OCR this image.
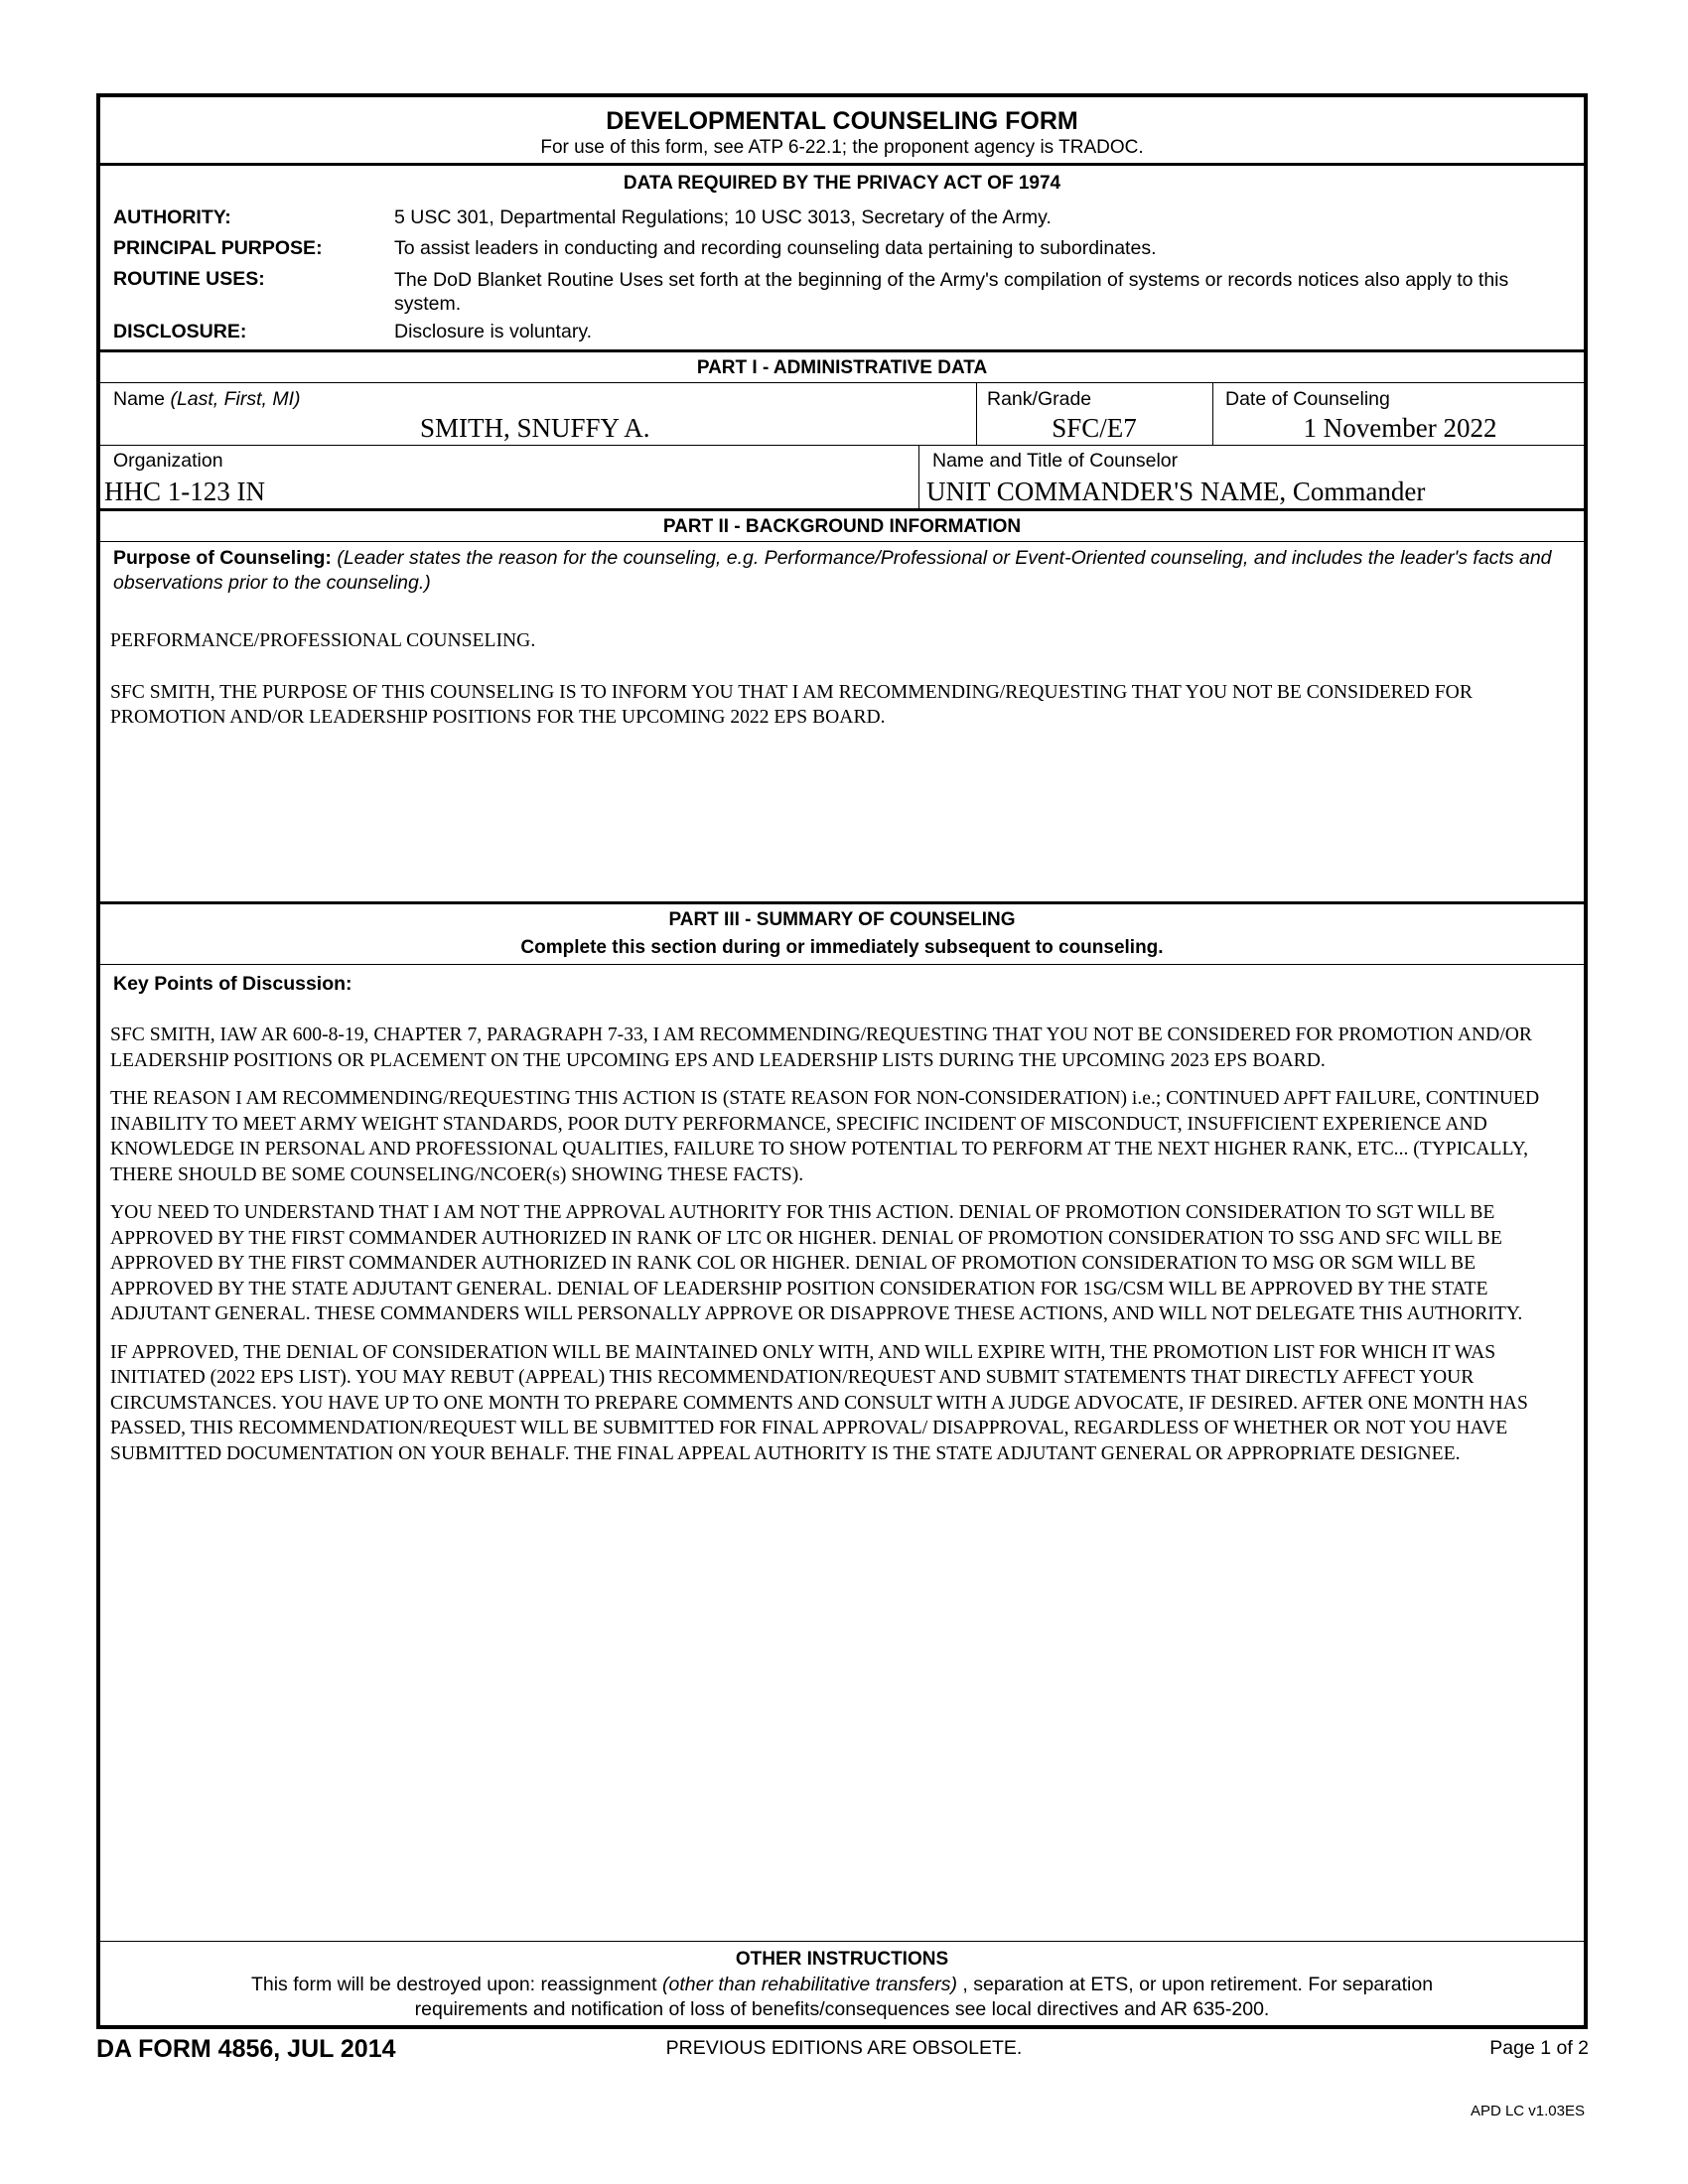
DEVELOPMENTAL COUNSELING FORM
For use of this form, see ATP 6-22.1; the proponent agency is TRADOC.
DATA REQUIRED BY THE PRIVACY ACT OF 1974
AUTHORITY:	5 USC 301, Departmental Regulations; 10 USC 3013, Secretary of the Army.
PRINCIPAL PURPOSE:	To assist leaders in conducting and recording counseling data pertaining to subordinates.
ROUTINE USES:	The DoD Blanket Routine Uses set forth at the beginning of the Army's compilation of systems or records notices also apply to this system.
DISCLOSURE:	Disclosure is voluntary.
PART I - ADMINISTRATIVE DATA
Name (Last, First, MI)
SMITH, SNUFFY A.
Rank/Grade
SFC/E7
Date of Counseling
1 November 2022
Organization
HHC 1-123 IN
Name and Title of Counselor
UNIT COMMANDER'S NAME, Commander
PART II - BACKGROUND INFORMATION
Purpose of Counseling: (Leader states the reason for the counseling, e.g. Performance/Professional or Event-Oriented counseling, and includes the leader's facts and observations prior to the counseling.)

PERFORMANCE/PROFESSIONAL COUNSELING.

SFC SMITH, THE PURPOSE OF THIS COUNSELING IS TO INFORM YOU THAT I AM RECOMMENDING/REQUESTING THAT YOU NOT BE CONSIDERED FOR PROMOTION AND/OR LEADERSHIP POSITIONS FOR THE UPCOMING 2022 EPS BOARD.

PART III - SUMMARY OF COUNSELING
Complete this section during or immediately subsequent to counseling.
Key Points of Discussion:

SFC SMITH, IAW AR 600-8-19, CHAPTER 7, PARAGRAPH 7-33, I AM RECOMMENDING/REQUESTING THAT YOU NOT BE CONSIDERED FOR PROMOTION AND/OR LEADERSHIP POSITIONS OR PLACEMENT ON THE UPCOMING EPS AND LEADERSHIP LISTS DURING THE UPCOMING 2023 EPS BOARD.

THE REASON I AM RECOMMENDING/REQUESTING THIS ACTION IS (STATE REASON FOR NON-CONSIDERATION) i.e.; CONTINUED APFT FAILURE, CONTINUED INABILITY TO MEET ARMY WEIGHT STANDARDS, POOR DUTY PERFORMANCE, SPECIFIC INCIDENT OF MISCONDUCT, INSUFFICIENT EXPERIENCE AND KNOWLEDGE IN PERSONAL AND PROFESSIONAL QUALITIES, FAILURE TO SHOW POTENTIAL TO PERFORM AT THE NEXT HIGHER RANK, ETC... (TYPICALLY, THERE SHOULD BE SOME COUNSELING/NCOER(s) SHOWING THESE FACTS).

YOU NEED TO UNDERSTAND THAT I AM NOT THE APPROVAL AUTHORITY FOR THIS ACTION. DENIAL OF PROMOTION CONSIDERATION TO SGT WILL BE APPROVED BY THE FIRST COMMANDER AUTHORIZED IN RANK OF LTC OR HIGHER. DENIAL OF PROMOTION CONSIDERATION TO SSG AND SFC WILL BE APPROVED BY THE FIRST COMMANDER AUTHORIZED IN RANK COL OR HIGHER. DENIAL OF PROMOTION CONSIDERATION TO MSG OR SGM WILL BE APPROVED BY THE STATE ADJUTANT GENERAL. DENIAL OF LEADERSHIP POSITION CONSIDERATION FOR 1SG/CSM WILL BE APPROVED BY THE STATE ADJUTANT GENERAL. THESE COMMANDERS WILL PERSONALLY APPROVE OR DISAPPROVE THESE ACTIONS, AND WILL NOT DELEGATE THIS AUTHORITY.

IF APPROVED, THE DENIAL OF CONSIDERATION WILL BE MAINTAINED ONLY WITH, AND WILL EXPIRE WITH, THE PROMOTION LIST FOR WHICH IT WAS INITIATED (2022 EPS LIST). YOU MAY REBUT (APPEAL) THIS RECOMMENDATION/REQUEST AND SUBMIT STATEMENTS THAT DIRECTLY AFFECT YOUR CIRCUMSTANCES. YOU HAVE UP TO ONE MONTH TO PREPARE COMMENTS AND CONSULT WITH A JUDGE ADVOCATE, IF DESIRED. AFTER ONE MONTH HAS PASSED, THIS RECOMMENDATION/REQUEST WILL BE SUBMITTED FOR FINAL APPROVAL/ DISAPPROVAL, REGARDLESS OF WHETHER OR NOT YOU HAVE SUBMITTED DOCUMENTATION ON YOUR BEHALF. THE FINAL APPEAL AUTHORITY IS THE STATE ADJUTANT GENERAL OR APPROPRIATE DESIGNEE.

OTHER INSTRUCTIONS
This form will be destroyed upon: reassignment (other than rehabilitative transfers) , separation at ETS, or upon retirement. For separation
requirements and notification of loss of benefits/consequences see local directives and AR 635-200.
DA FORM 4856, JUL 2014	PREVIOUS EDITIONS ARE OBSOLETE.	Page 1 of 2
APD LC v1.03ES
